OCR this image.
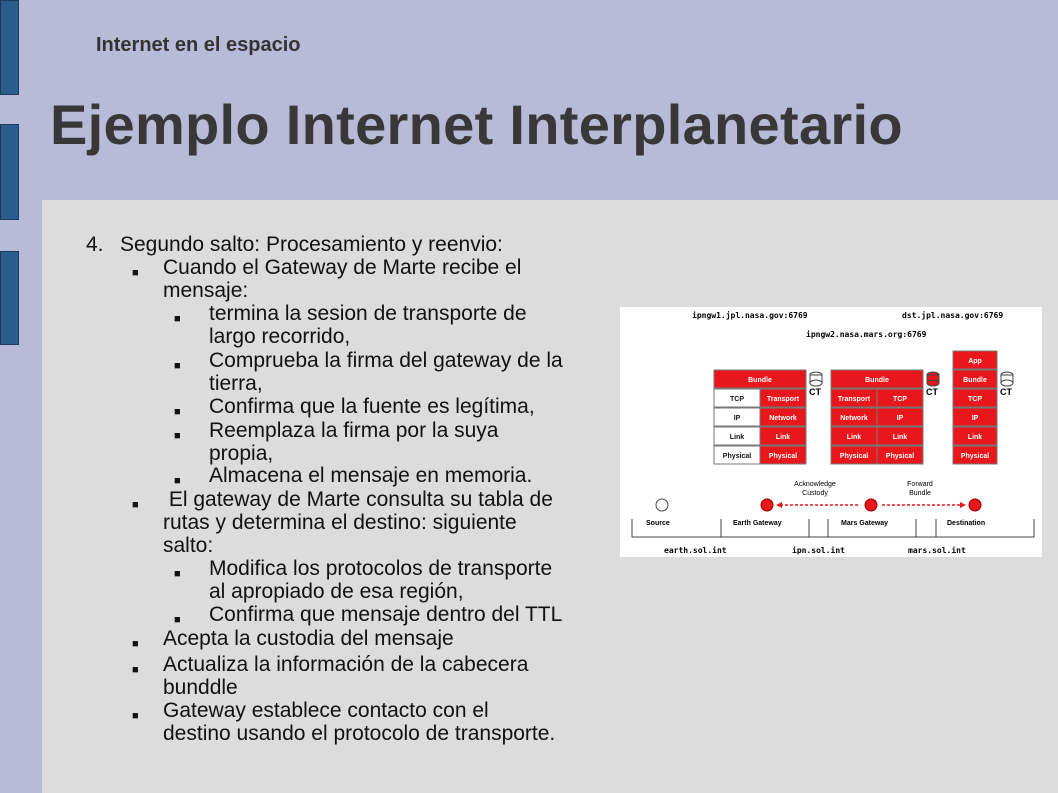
Internet en el espacio
Ejemplo Internet Interplanetario
4. Segundo salto: Procesamiento y reenvio:
■ Cuando el Gateway de Marte recibe el
mensaje:
■ termina la sesion de transporte de
largo recorrido,
■ Comprueba la firma del gateway de la
tierra,
■ Confirma que la fuente es legítima,
■ Reemplaza la firma por la suya
propia,
■ Almacena el mensaje en memoria.
■ El gateway de Marte consulta su tabla de
rutas y determina el destino: siguiente
salto:
■ Modifica los protocolos de transporte
al apropiado de esa región,
■ Confirma que mensaje dentro del TTL
■ Acepta la custodia del mensaje
■ Actualiza la información de la cabecera
bunddle
■ Gateway establece contacto con el
destino usando el protocolo de transporte.
ipngw1.jpl.nasa.gov:6769	dst.jpl.nasa.gov:6769
ipngw2.nasa.mars.org:6769
Bundle
TCP	Transport
IP	Network
Link	Link
Physical	Physical
CT
Bundle
Transport	TCP
Network	IP
Link	Link
Physical	Physical
CT
App
Bundle
TCP
IP
Link
Physical
CT
Acknowledge
Custody
Forward
Bundle
Source	Earth Gateway	Mars Gateway	Destination
earth.sol.int	ipn.sol.int	mars.sol.int
